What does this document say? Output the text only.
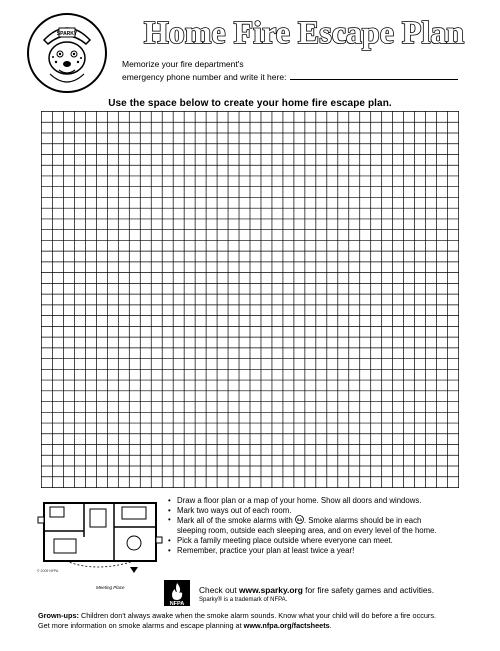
SPARKY Home Fire Escape Plan
Memorize your fire department's
emergency phone number and write it here:
Use the space below to create your home fire escape plan.
© 2009 NFPA
Meeting Place
• Draw a floor plan or a map of your home. Show all doors and windows.
• Mark two ways out of each room.
• Mark all of the smoke alarms with SA . Smoke alarms should be in each
sleeping room, outside each sleeping area, and on every level of the home.
• Pick a family meeting place outside where everyone can meet.
• Remember, practice your plan at least twice a year!
NFPA
Check out www.sparky.org for fire safety games and activities.
Sparky® is a trademark of NFPA.
Grown-ups: Children don't always awake when the smoke alarm sounds. Know what your child will do before a fire occurs.
Get more information on smoke alarms and escape planning at www.nfpa.org/factsheets.
